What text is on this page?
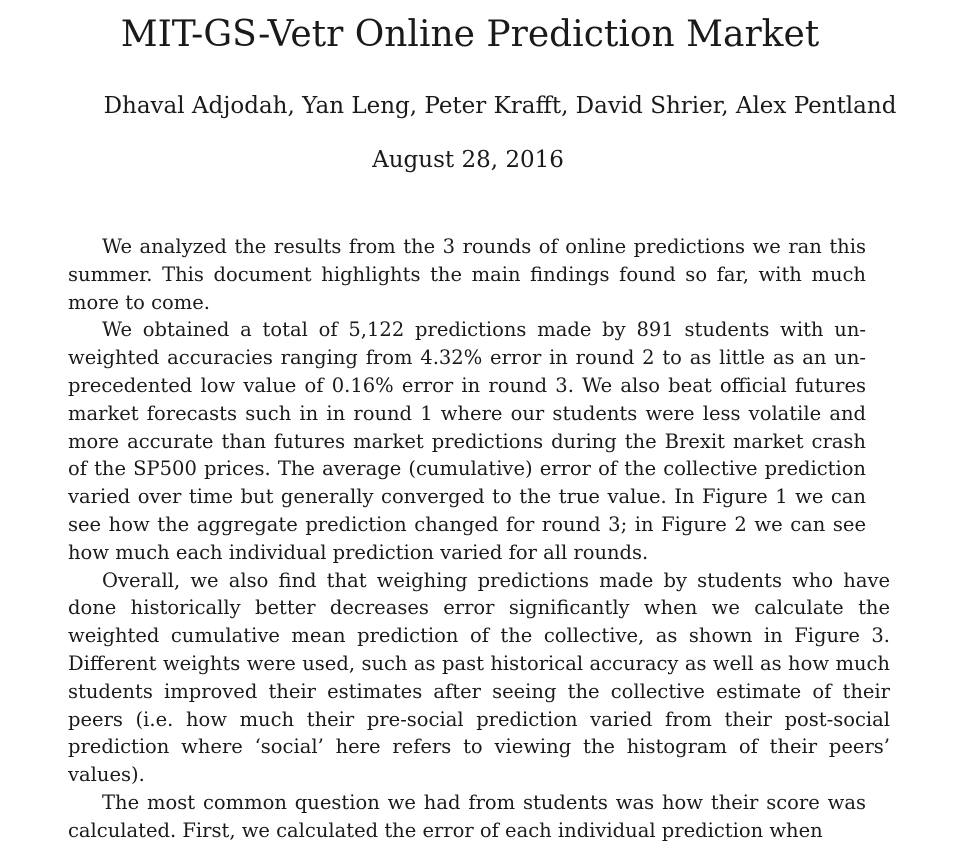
MIT-GS-Vetr Online Prediction Market
Dhaval Adjodah, Yan Leng, Peter Krafft, David Shrier, Alex Pentland
August 28, 2016

We analyzed the results from the 3 rounds of online predictions we ran this summer. This document highlights the main findings found so far, with much more to come.

We obtained a total of 5,122 predictions made by 891 students with unweighted accuracies ranging from 4.32% error in round 2 to as little as an unprecedented low value of 0.16% error in round 3. We also beat official futures market forecasts such in in round 1 where our students were less volatile and more accurate than futures market predictions during the Brexit market crash of the SP500 prices. The average (cumulative) error of the collective prediction varied over time but generally converged to the true value. In Figure 1 we can see how the aggregate prediction changed for round 3; in Figure 2 we can see how much each individual prediction varied for all rounds.

Overall, we also find that weighing predictions made by students who have done historically better decreases error significantly when we calculate the weighted cumulative mean prediction of the collective, as shown in Figure 3. Different weights were used, such as past historical accuracy as well as how much students improved their estimates after seeing the collective estimate of their peers (i.e. how much their pre-social prediction varied from their post-social prediction where ‘social’ here refers to viewing the histogram of their peers’ values).

The most common question we had from students was how their score was calculated. First, we calculated the error of each individual prediction when
